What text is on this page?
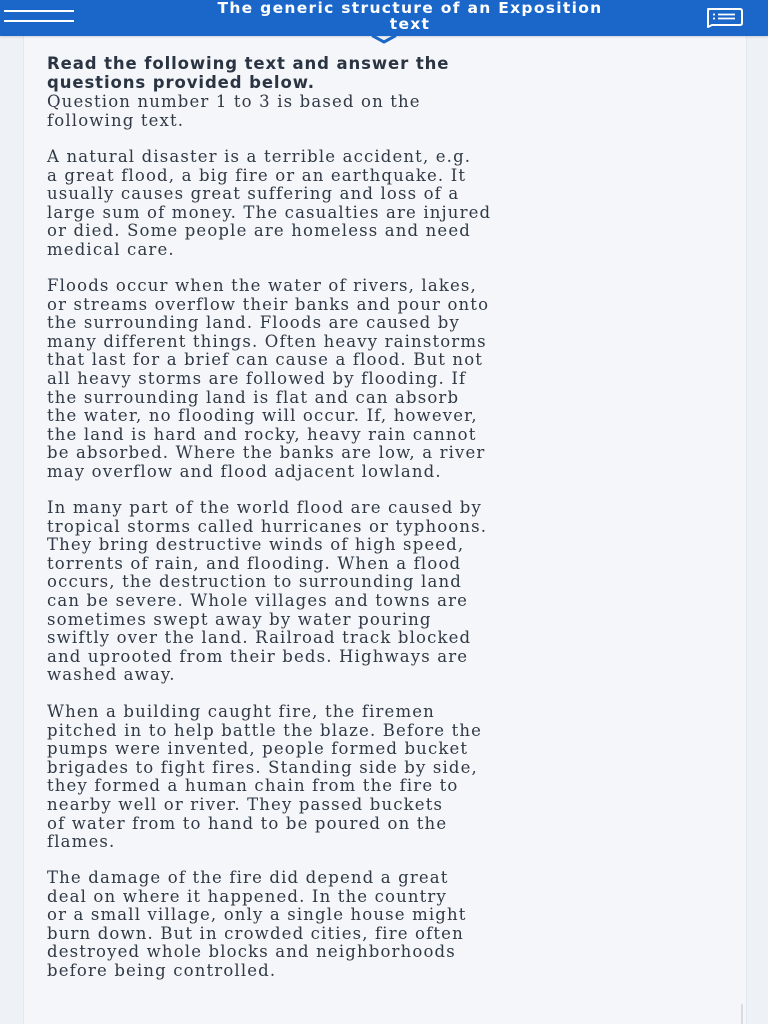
The generic structure of an Exposition
text

Read the following text and answer the
questions provided below.

Question number 1 to 3 is based on the
following text.

A natural disaster is a terrible accident, e.g.
a great flood, a big fire or an earthquake. It
usually causes great suffering and loss of a
large sum of money. The casualties are injured
or died. Some people are homeless and need
medical care.

Floods occur when the water of rivers, lakes,
or streams overflow their banks and pour onto
the surrounding land. Floods are caused by
many different things. Often heavy rainstorms
that last for a brief can cause a flood. But not
all heavy storms are followed by flooding. If
the surrounding land is flat and can absorb
the water, no flooding will occur. If, however,
the land is hard and rocky, heavy rain cannot
be absorbed. Where the banks are low, a river
may overflow and flood adjacent lowland.

In many part of the world flood are caused by
tropical storms called hurricanes or typhoons.
They bring destructive winds of high speed,
torrents of rain, and flooding. When a flood
occurs, the destruction to surrounding land
can be severe. Whole villages and towns are
sometimes swept away by water pouring
swiftly over the land. Railroad track blocked
and uprooted from their beds. Highways are
washed away.

When a building caught fire, the firemen
pitched in to help battle the blaze. Before the
pumps were invented, people formed bucket
brigades to fight fires. Standing side by side,
they formed a human chain from the fire to
nearby well or river. They passed buckets
of water from to hand to be poured on the
flames.

The damage of the fire did depend a great
deal on where it happened. In the country
or a small village, only a single house might
burn down. But in crowded cities, fire often
destroyed whole blocks and neighborhoods
before being controlled.
